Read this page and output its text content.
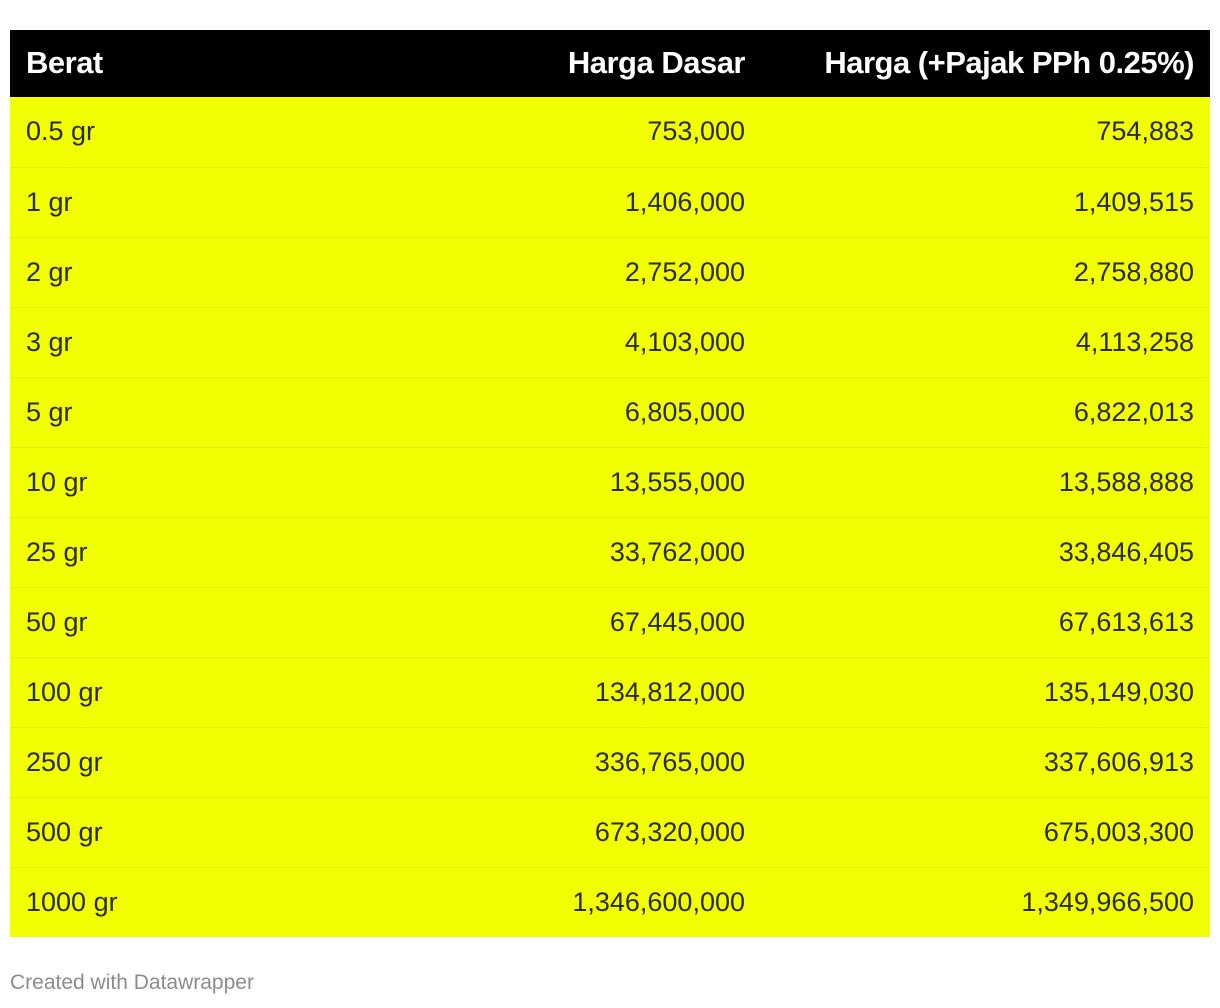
Berat	Harga Dasar	Harga (+Pajak PPh 0.25%)
0.5 gr	753,000	754,883
1 gr	1,406,000	1,409,515
2 gr	2,752,000	2,758,880
3 gr	4,103,000	4,113,258
5 gr	6,805,000	6,822,013
10 gr	13,555,000	13,588,888
25 gr	33,762,000	33,846,405
50 gr	67,445,000	67,613,613
100 gr	134,812,000	135,149,030
250 gr	336,765,000	337,606,913
500 gr	673,320,000	675,003,300
1000 gr	1,346,600,000	1,349,966,500
Created with Datawrapper
